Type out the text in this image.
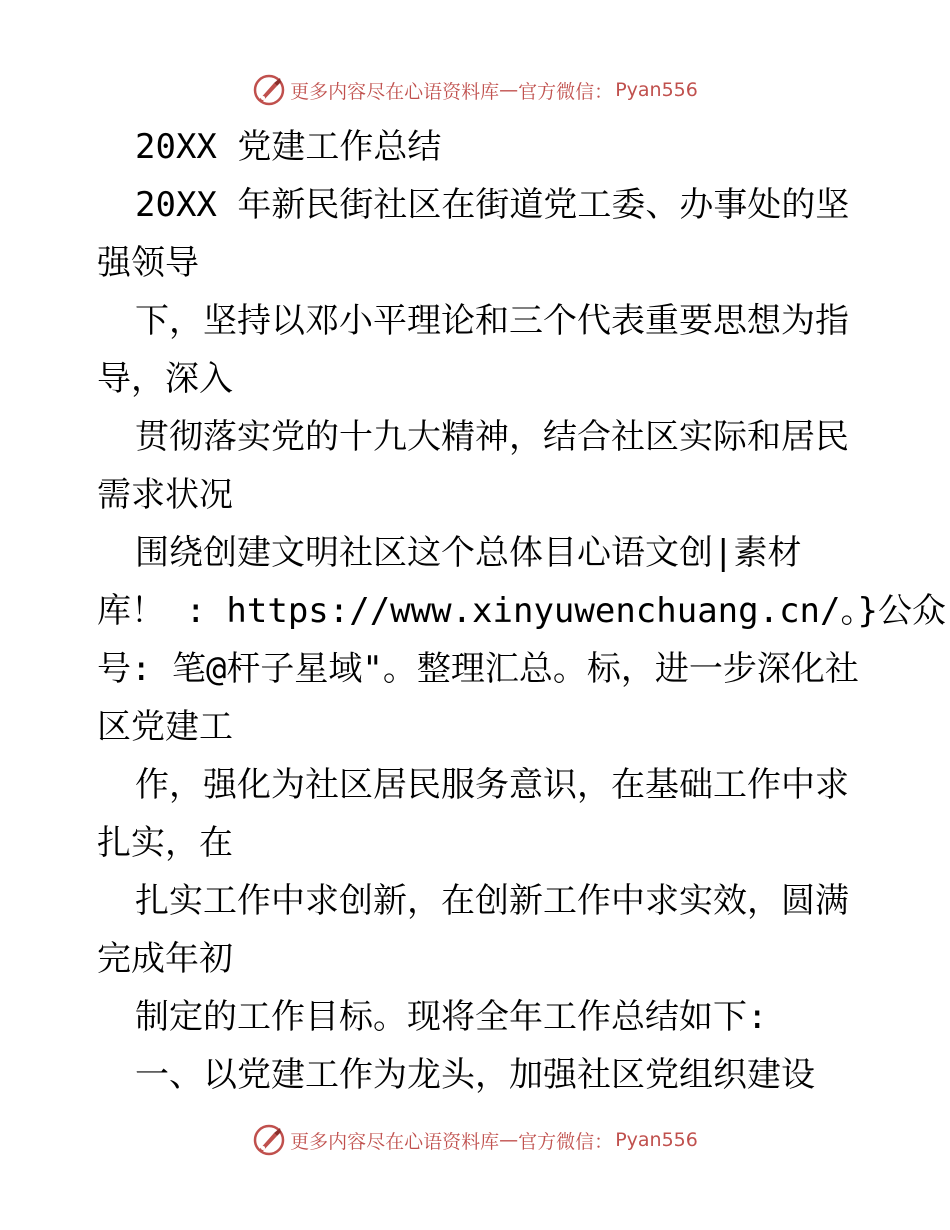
更多内容尽在心语资料库 — 官方微信： Pyan556
20XX 党建工作总结
20XX 年新民街社区在街道党工委、办事处的坚
强领导
下，坚持以邓小平理论和三个代表重要思想为指
导，深入
贯彻落实党的十九大精神，结合社区实际和居民
需求状况
围绕创建文明社区这个总体目心语文创|素材
库！ : https://www.xinyuwenchuang.cn/。}公众
号: 笔@杆子星域"。整理汇总。标，进一步深化社
区党建工
作，强化为社区居民服务意识，在基础工作中求
扎实，在
扎实工作中求创新，在创新工作中求实效，圆满
完成年初
制定的工作目标。现将全年工作总结如下:
一、以党建工作为龙头，加强社区党组织建设
更多内容尽在心语资料库 — 官方微信： Pyan556
